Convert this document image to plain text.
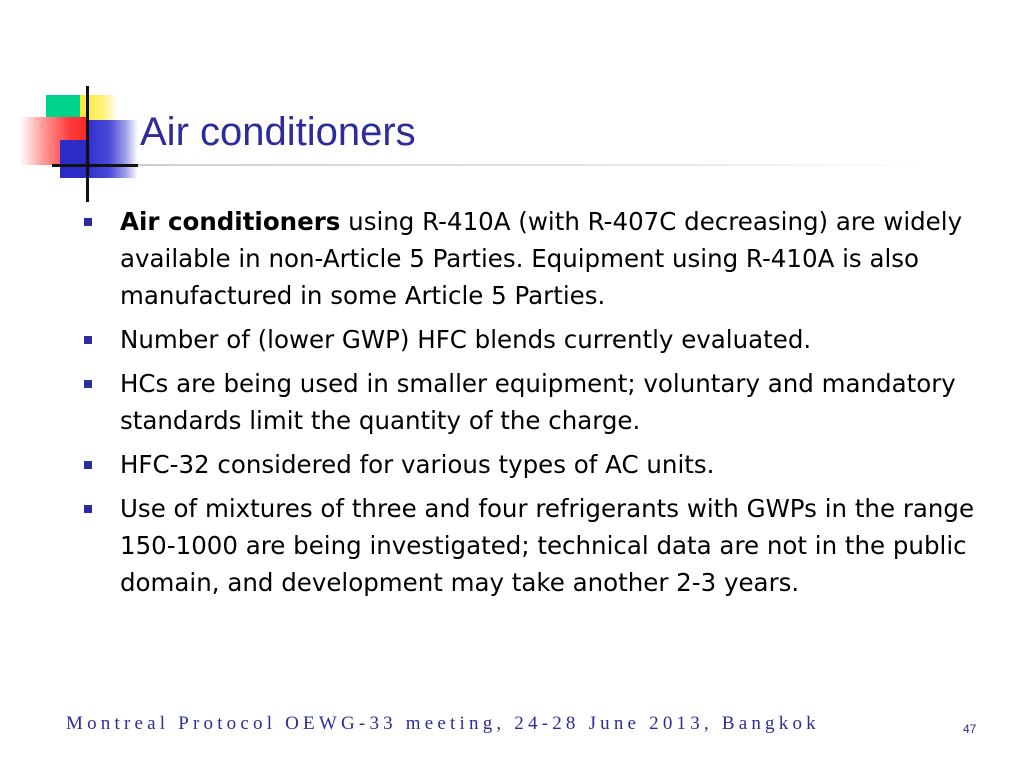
Air conditioners
Air conditioners using R-410A (with R-407C decreasing) are widely available in non-Article 5 Parties. Equipment using R-410A is also manufactured in some Article 5 Parties.
Number of (lower GWP) HFC blends currently evaluated.
HCs are being used in smaller equipment; voluntary and mandatory standards limit the quantity of the charge.
HFC-32 considered for various types of AC units.
Use of mixtures of three and four refrigerants with GWPs in the range 150-1000 are being investigated; technical data are not in the public domain, and development may take another 2-3 years.
Montreal Protocol OEWG-33 meeting, 24-28 June 2013, Bangkok	47
